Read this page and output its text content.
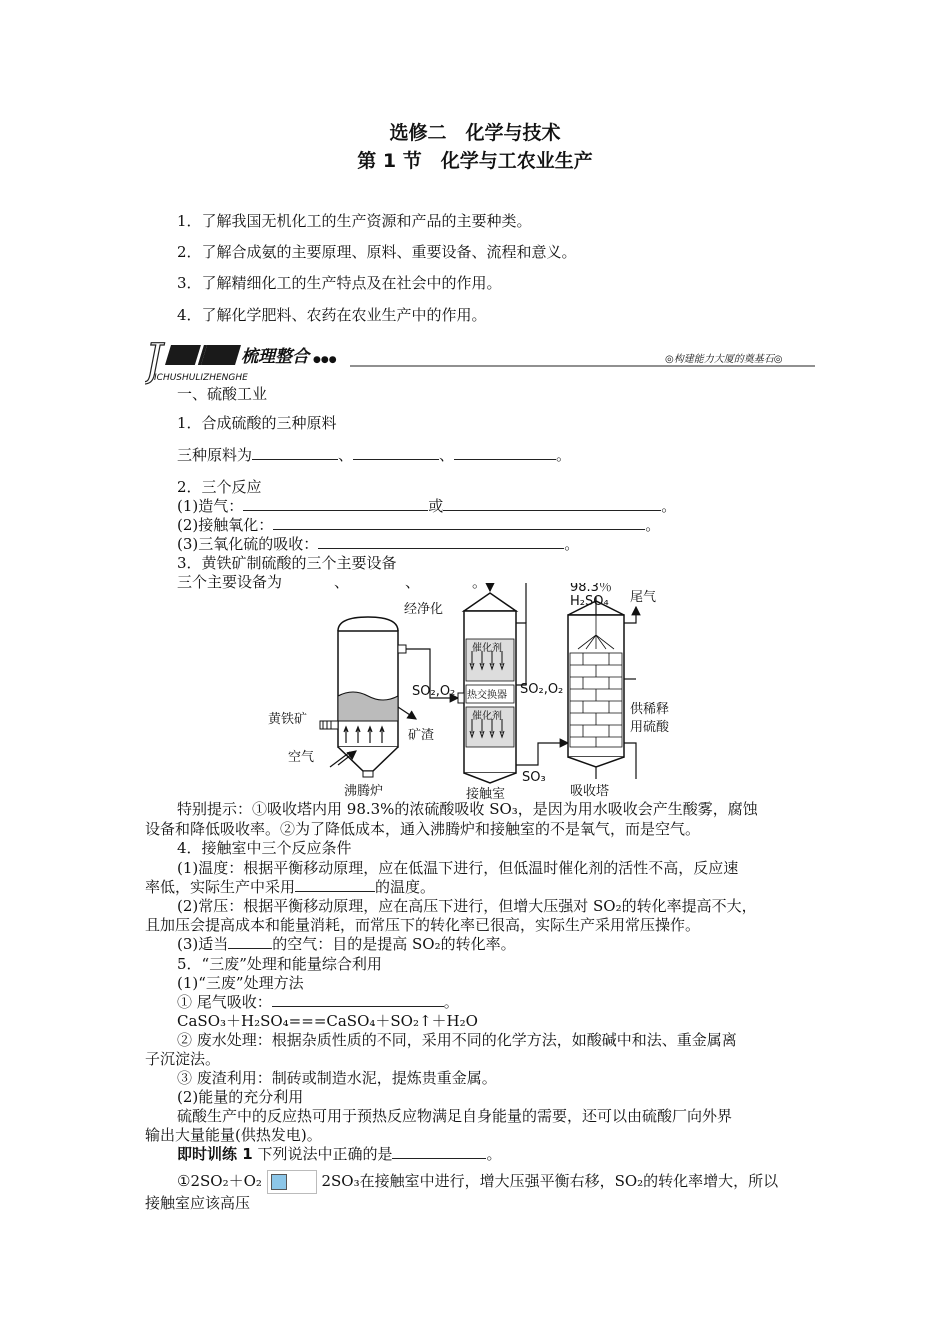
选修二　化学与技术
第 1 节　化学与工农业生产
1．了解我国无机化工的生产资源和产品的主要种类。
2．了解合成氨的主要原理、原料、重要设备、流程和意义。
3．了解精细化工的生产特点及在社会中的作用。
4．了解化学肥料、农药在农业生产中的作用。
J	梳理整合 ●●●
ICHUSHULIZHENGHE
◎构建能力大厦的奠基石◎
一、硫酸工业
1．合成硫酸的三种原料
三种原料为	、	、	。
2．三个反应
(1)造气：	或	。
(2)接触氧化：	。
(3)三氧化硫的吸收：	。
3．黄铁矿制硫酸的三个主要设备
三个主要设备为	、	、	。
经净化
SO₂,O₂
黄铁矿
矿渣
空气
沸腾炉
催化剂
热交换器
催化剂
SO₂,O₂
SO₃
接触室
98.3％
H₂SO₄ 尾气
供稀释
用硫酸
吸收塔
特别提示：①吸收塔内用 98.3%的浓硫酸吸收 SO₃，是因为用水吸收会产生酸雾，腐蚀
设备和降低吸收率。②为了降低成本，通入沸腾炉和接触室的不是氧气，而是空气。
4．接触室中三个反应条件
(1)温度：根据平衡移动原理，应在低温下进行，但低温时催化剂的活性不高，反应速
率低，实际生产中采用	的温度。
(2)常压：根据平衡移动原理，应在高压下进行，但增大压强对 SO₂的转化率提高不大，
且加压会提高成本和能量消耗，而常压下的转化率已很高，实际生产采用常压操作。
(3)适当	的空气：目的是提高 SO₂的转化率。
5．“三废”处理和能量综合利用
(1)“三废”处理方法
① 尾气吸收：	。
CaSO₃＋H₂SO₄===CaSO₄＋SO₂↑＋H₂O
② 废水处理：根据杂质性质的不同，采用不同的化学方法，如酸碱中和法、重金属离
子沉淀法。
③ 废渣利用：制砖或制造水泥，提炼贵重金属。
(2)能量的充分利用
硫酸生产中的反应热可用于预热反应物满足自身能量的需要，还可以由硫酸厂向外界
输出大量能量(供热发电)。
即时训练 1 下列说法中正确的是	。
①2SO₂＋O₂	2SO₃在接触室中进行，增大压强平衡右移，SO₂的转化率增大，所以
接触室应该高压
